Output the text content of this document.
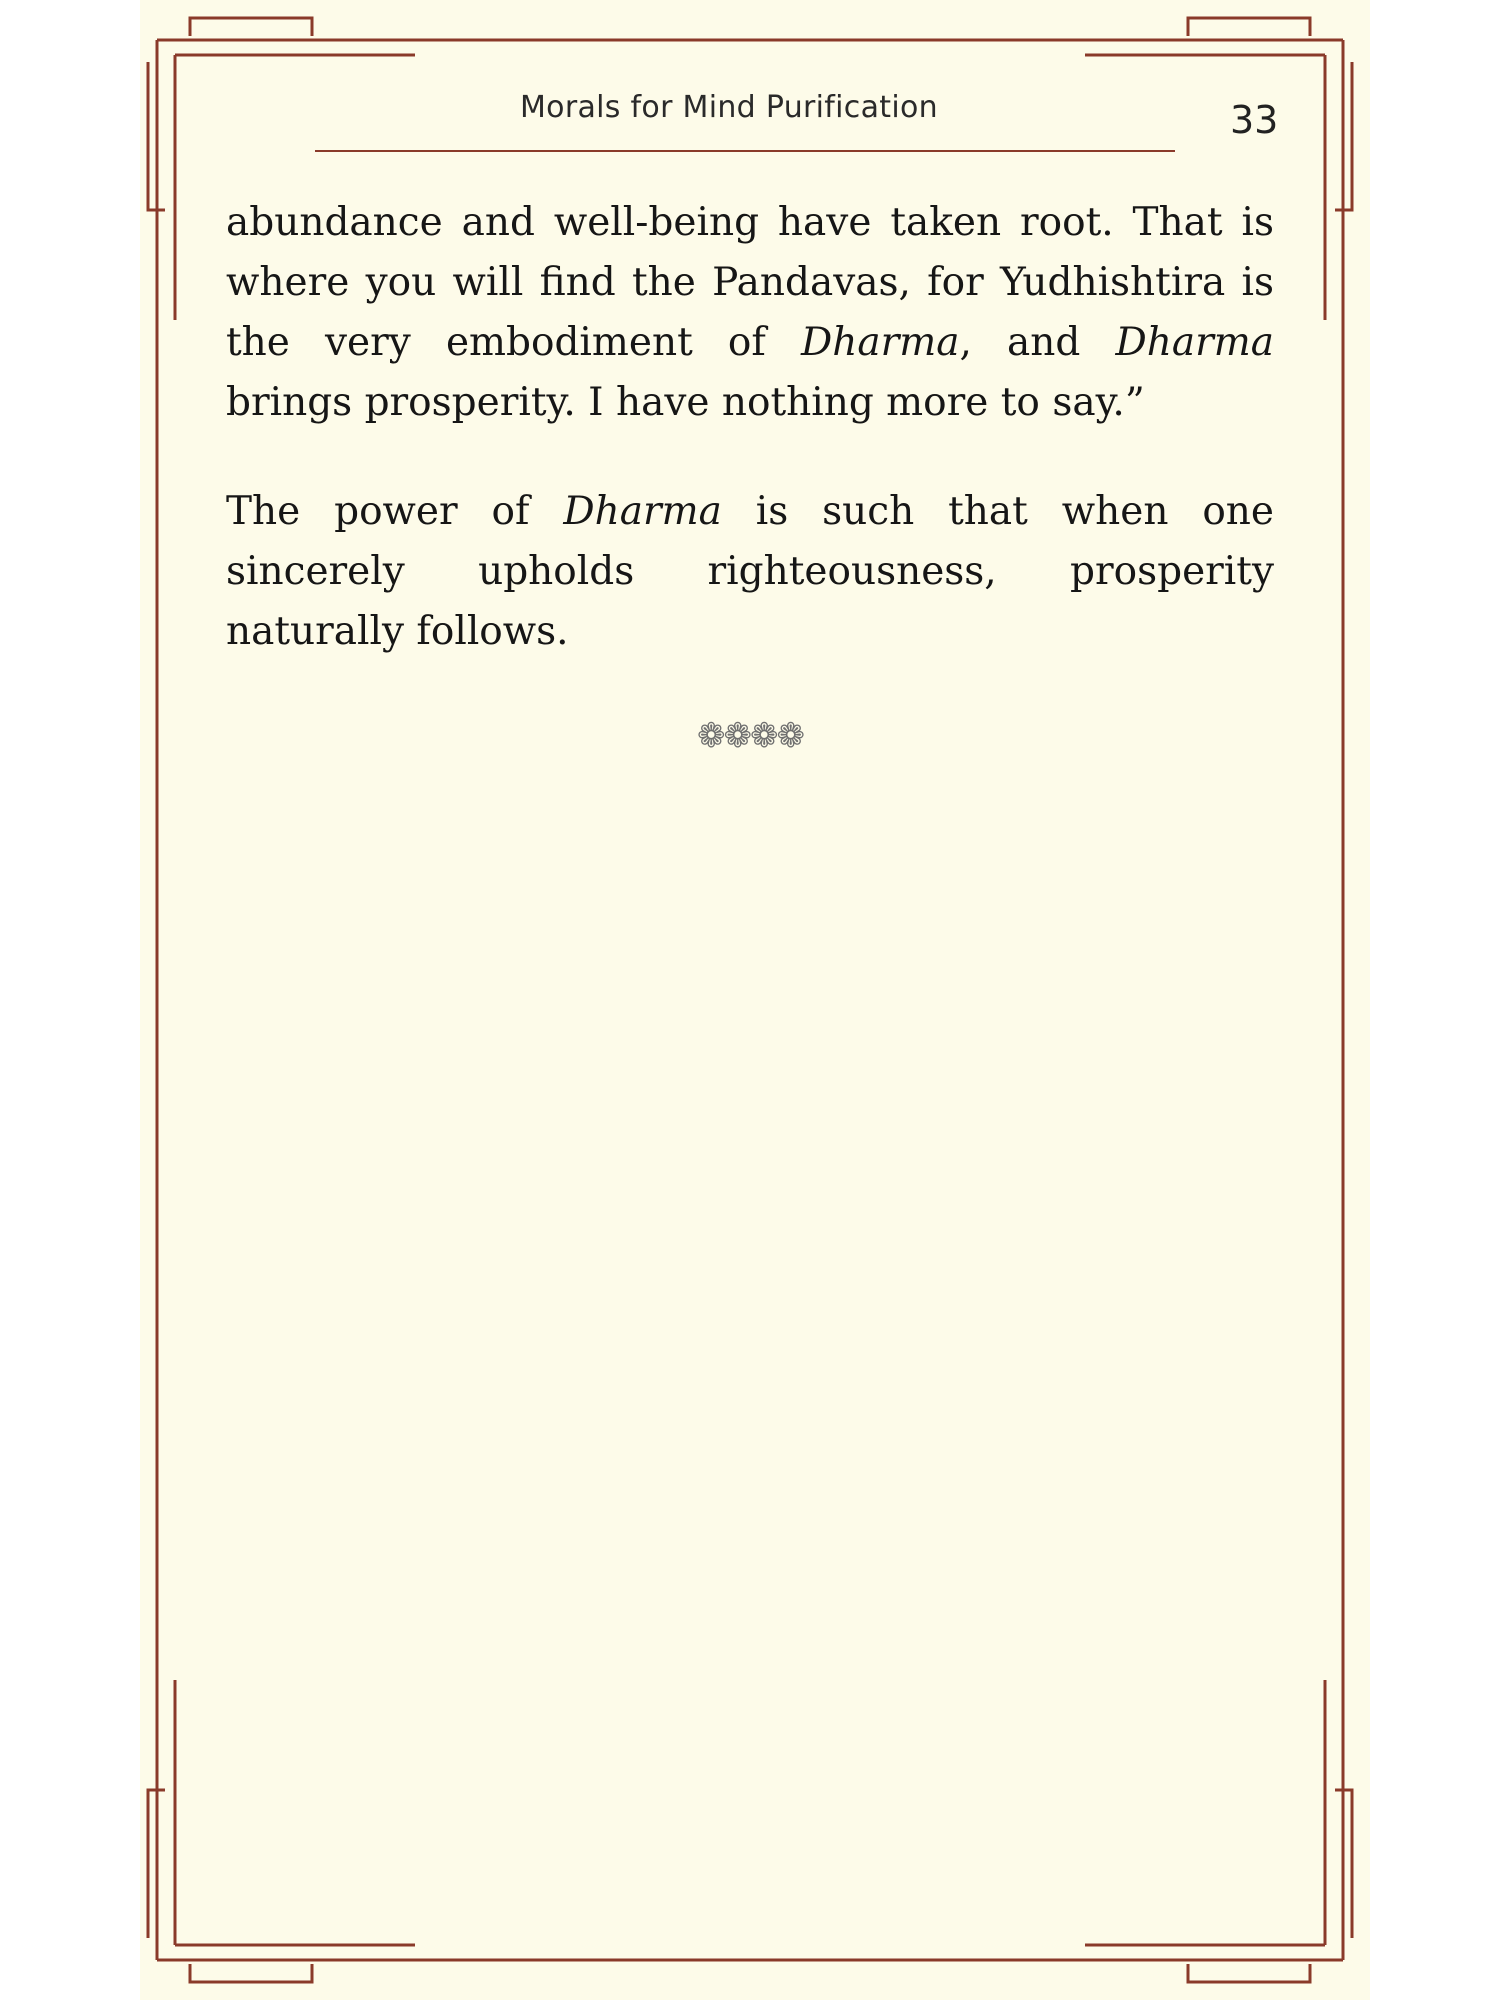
Morals for Mind Purification	33

abundance and well-being have taken root. That is where you will find the Pandavas, for Yudhishtira is the very embodiment of Dharma, and Dharma brings prosperity. I have nothing more to say.”

The power of Dharma is such that when one sincerely upholds righteousness, prosperity naturally follows.

❁❁❁❁
